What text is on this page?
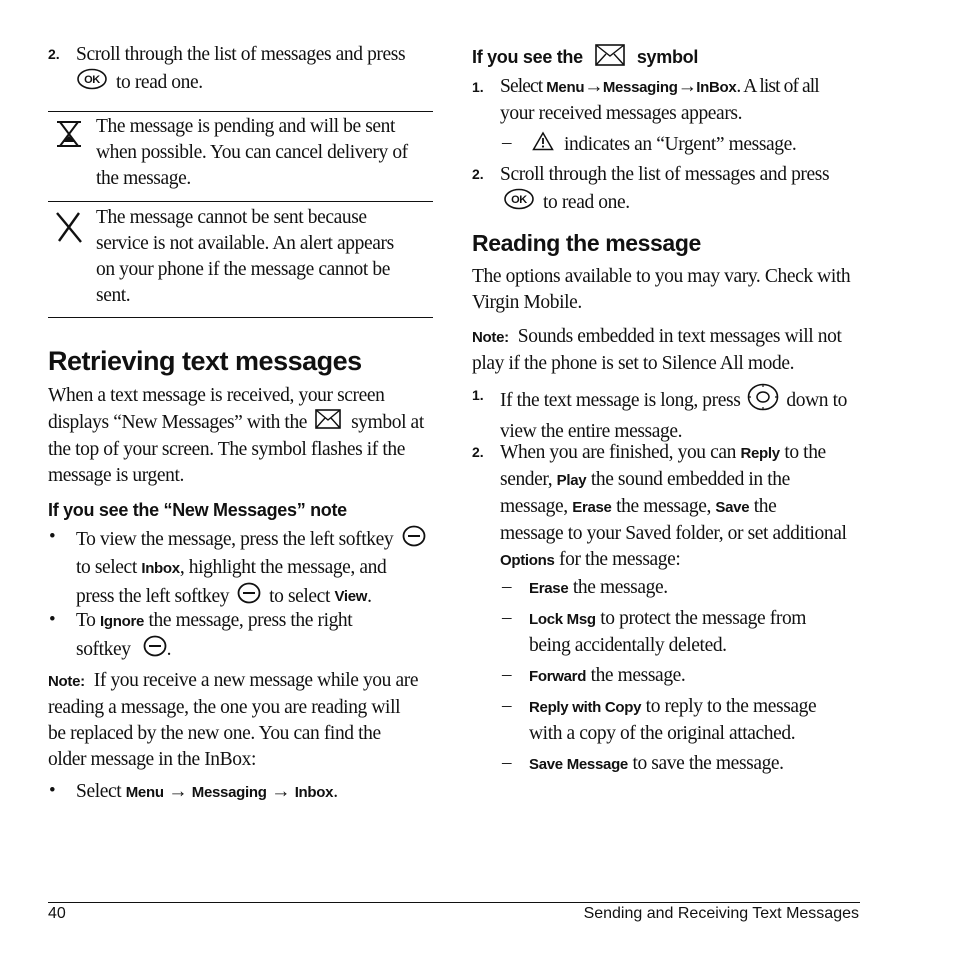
2. Scroll through the list of messages and press
OK to read one.
The message is pending and will be sent
when possible. You can cancel delivery of
the message.
The message cannot be sent because
service is not available. An alert appears
on your phone if the message cannot be
sent.
Retrieving text messages
When a text message is received, your screen
displays “New Messages” with the symbol at
the top of your screen. The symbol flashes if the
message is urgent.
If you see the “New Messages” note
• To view the message, press the left softkey
to select Inbox, highlight the message, and
press the left softkey to select
View .
• To Ignore the message, press the right
softkey .
Note: If you receive a new message while you are
reading a message, the one you are reading will
be replaced by the new one. You can find the
older message in the InBox:
• Select Menu → Messaging → Inbox.
If you see the	symbol
1. Select Menu→Messaging→InBox. A list of all
your received messages appears.
–	indicates an “Urgent” message.
2. Scroll through the list of messages and press
OK to read one.
Reading the message
The options available to you may vary. Check with
Virgin Mobile.
Note: Sounds embedded in text messages will not
play if the phone is set to Silence All mode.
1. If the text message is long, press down to
view the entire message.
2. When you are finished, you can Reply to the
sender, Play the sound embedded in the
message, Erase the message, Save the
message to your Saved folder, or set additional
Options for the message:
– Erase the message.
– Lock Msg to protect the message from
being accidentally deleted.
– Forward the message.
– Reply with Copy to reply to the message
with a copy of the original attached.
– Save Message to save the message.
40	Sending and Receiving Text Messages
